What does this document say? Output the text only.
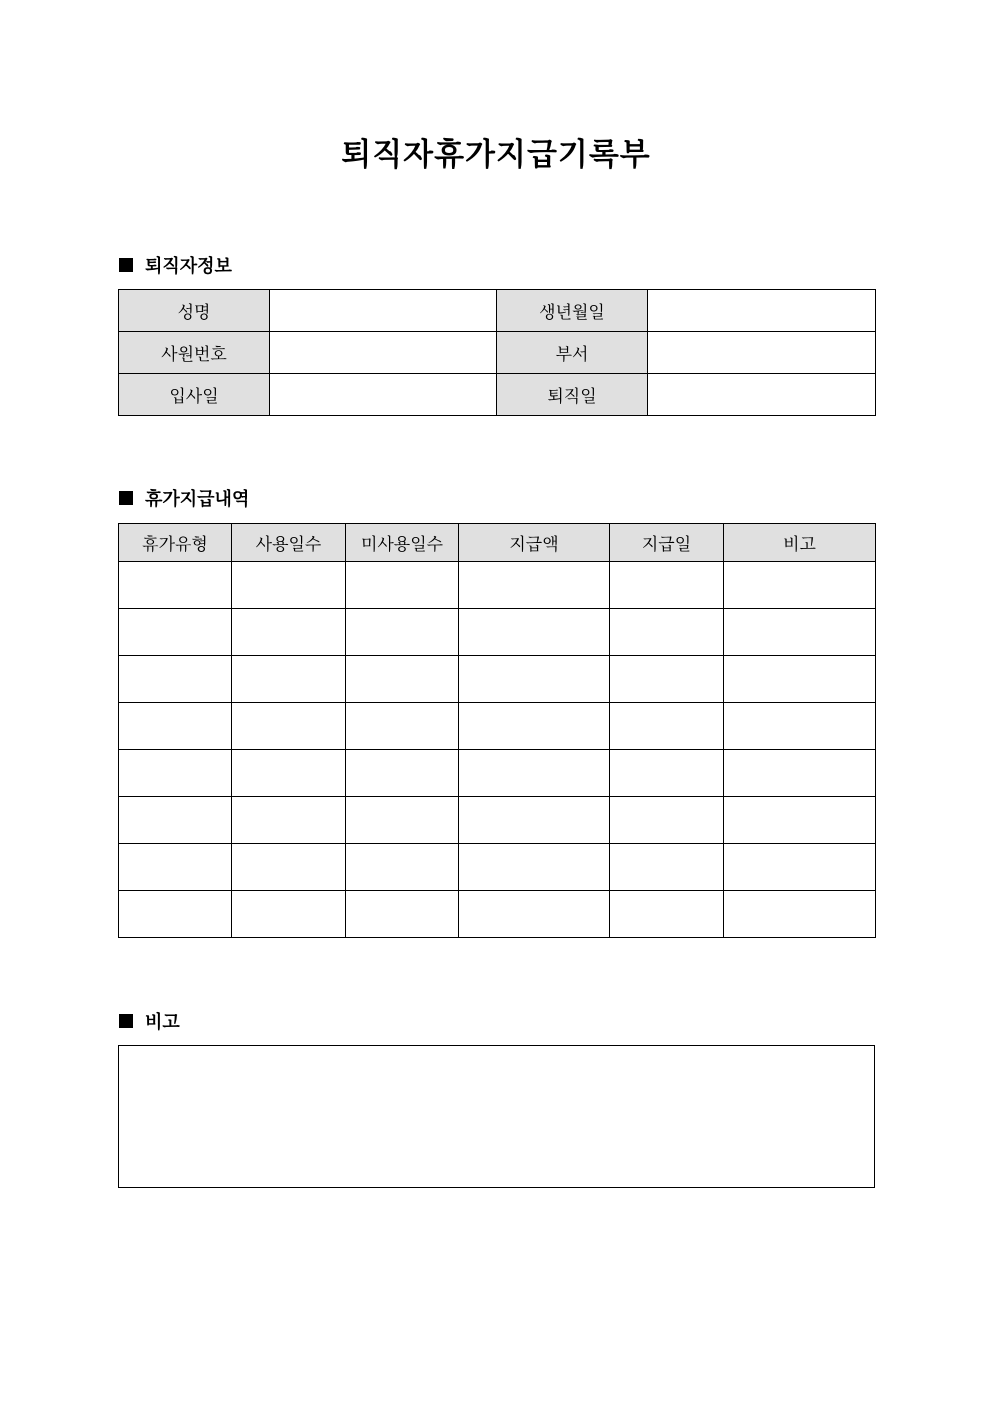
퇴직자휴가지급기록부
퇴직자정보
성명		생년월일	
사원번호		부서	
입사일		퇴직일	
휴가지급내역
휴가유형	사용일수	미사용일수	지급액	지급일	비고

비고
